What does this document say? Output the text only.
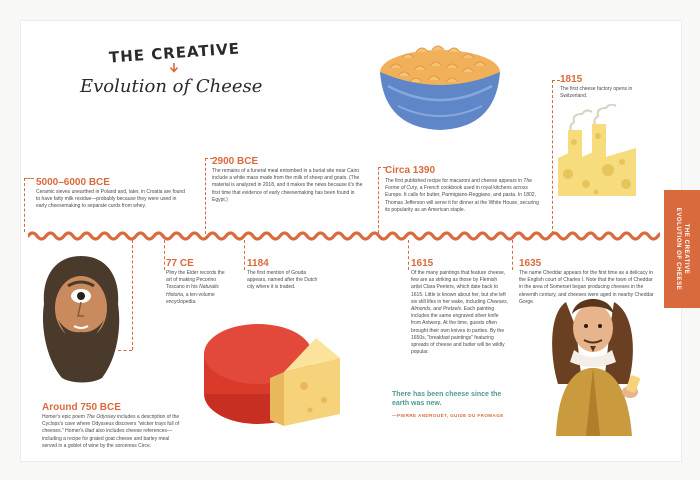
THE CREATIVE
Evolution of Cheese
5000–6000 BCE
Ceramic sieves unearthed in Poland and, later, in Croatia are found to have fatty milk residue—probably because they were used in early cheesemaking to separate curds from whey.
2900 BCE
The remains of a funeral meal entombed in a burial site near Cairo include a white mass made from the milk of sheep and goats. (The material is analyzed in 2018, and it makes the news because it's the first time that evidence of early cheesemaking has been found in Egypt.)
Circa 1390
The first published recipe for macaroni and cheese appears in The Forme of Cury, a French cookbook used in royal kitchens across Europe. It calls for butter, Parmigiano-Reggiano, and pasta. In 1802, Thomas Jefferson will serve it for dinner at the White House, securing its popularity as an American staple.
1815
The first cheese factory opens in Switzerland.
Around 750 BCE
Homer's epic poem The Odyssey includes a description of the Cyclops's cave where Odysseus discovers "wicker trays full of cheeses." Homer's Iliad also includes cheese references—including a recipe for grated goat cheese and barley meal served in a goblet of wine by the sorceress Circe.
77 CE
Pliny the Elder records the art of making Pecorino Toscano in his Naturalis Historia, a ten-volume encyclopedia.
1184
The first mention of Gouda appears, named after the Dutch city where it is traded.
1615
Of the many paintings that feature cheese, few are as striking as those by Flemish artist Clara Peeters, which date back to 1615. Little is known about her, but she left six still lifes in her wake, including Cheeses, Almonds, and Pretzels. Each painting includes the same engraved silver knife from Antwerp. At the time, guests often brought their own knives to parties. By the 1650s, "breakfast paintings" featuring spreads of cheese and butter will be wildly popular.
1635
The name Cheddar appears for the first time as a delicacy in the English court of Charles I. Note that the town of Cheddar in the area of Somerset began producing cheeses in the eleventh century, and cheeses were aged in nearby Cheddar Gorge.
There has been cheese since the earth was new.
—PIERRE ANDROUËT, GUIDE DU FROMAGE
THE CREATIVE
EVOLUTION OF CHEESE
